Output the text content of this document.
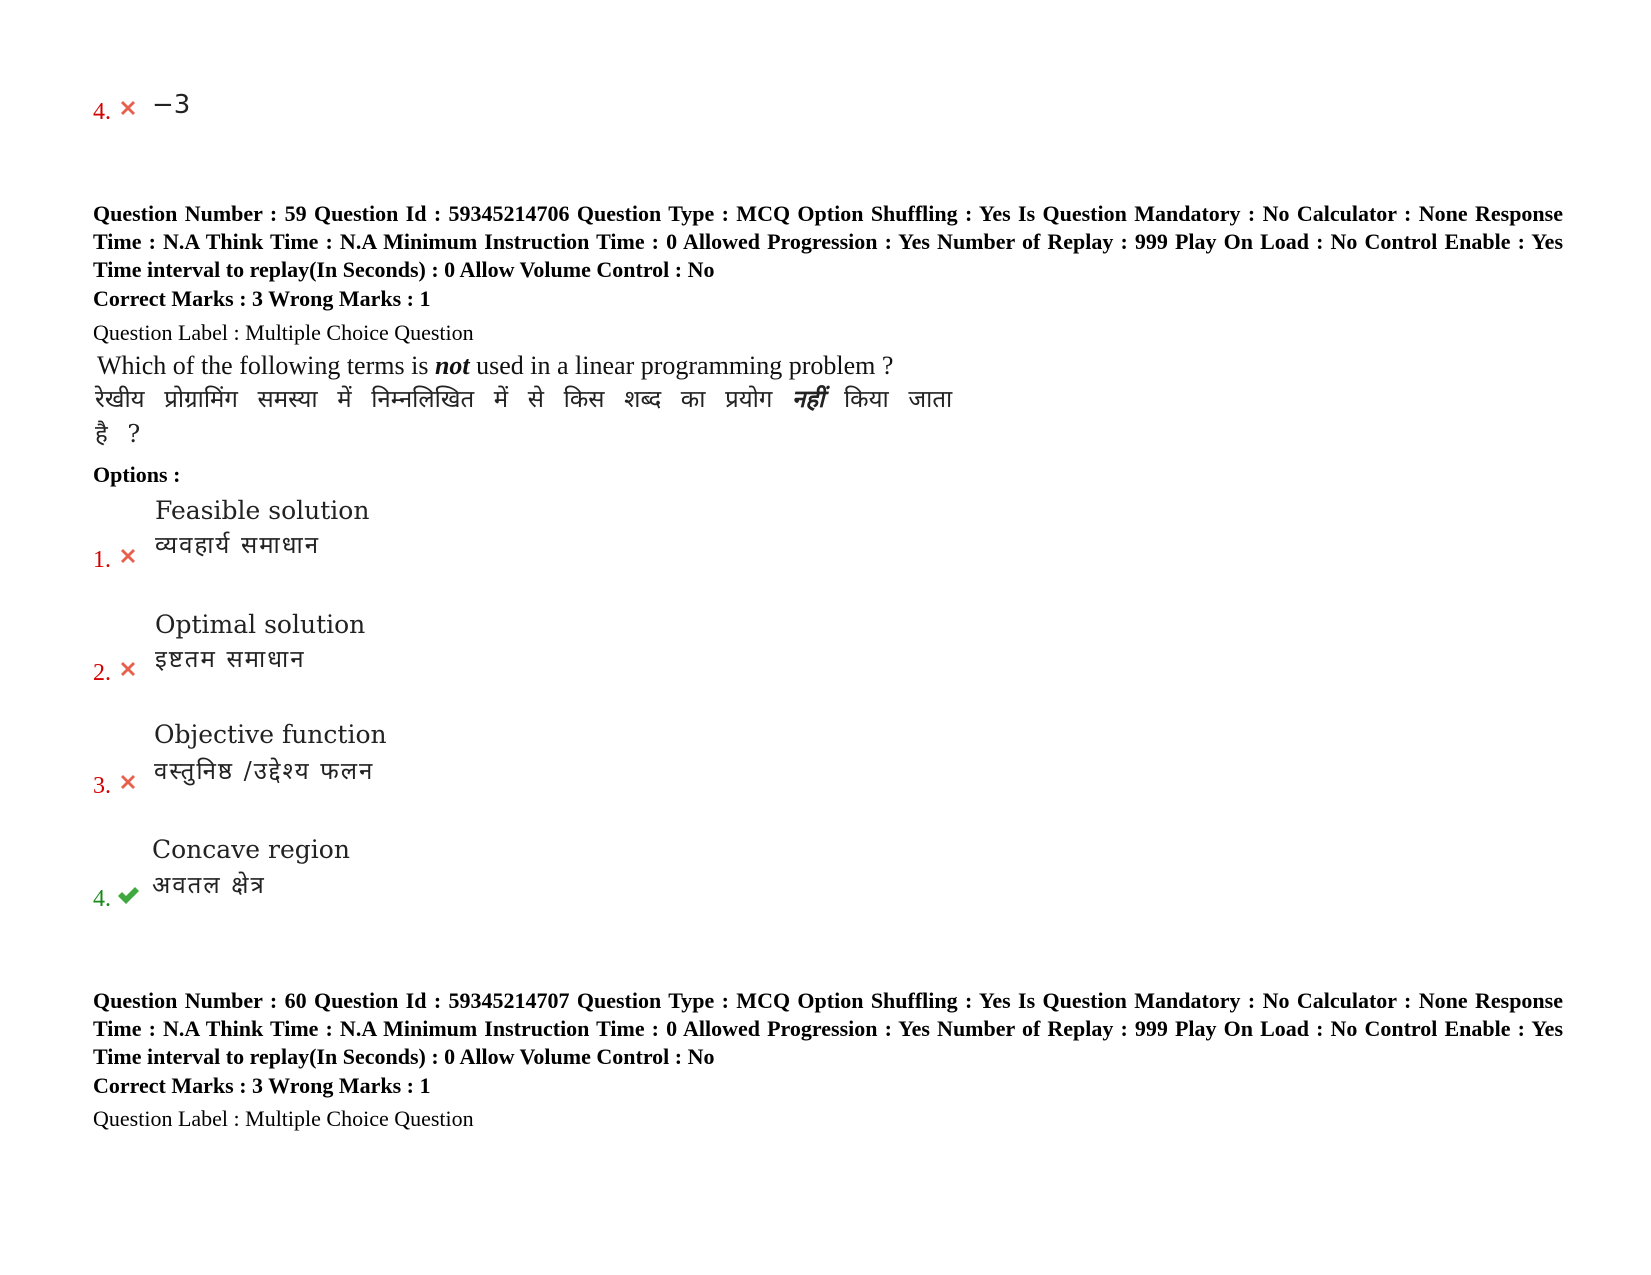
4. −3
Question Number : 59 Question Id : 59345214706 Question Type : MCQ Option Shuffling : Yes Is Question Mandatory : No Calculator : None Response Time : N.A Think Time : N.A Minimum Instruction Time : 0 Allowed Progression : Yes Number of Replay : 999 Play On Load : No Control Enable : Yes Time interval to replay(In Seconds) : 0 Allow Volume Control : No
Correct Marks : 3 Wrong Marks : 1
Question Label : Multiple Choice Question
Which of the following terms is not used in a linear programming problem ?
रेखीय प्रोग्रामिंग समस्या में निम्नलिखित में से किस शब्द का प्रयोग नहीं किया जाता
है ?
Options :
Feasible solution
व्यवहार्य समाधान
1.
Optimal solution
इष्टतम समाधान
2.
Objective function
वस्तुनिष्ठ /उद्देश्य फलन
3.
Concave region
अवतल क्षेत्र
4.
Question Number : 60 Question Id : 59345214707 Question Type : MCQ Option Shuffling : Yes Is Question Mandatory : No Calculator : None Response Time : N.A Think Time : N.A Minimum Instruction Time : 0 Allowed Progression : Yes Number of Replay : 999 Play On Load : No Control Enable : Yes Time interval to replay(In Seconds) : 0 Allow Volume Control : No
Correct Marks : 3 Wrong Marks : 1
Question Label : Multiple Choice Question
